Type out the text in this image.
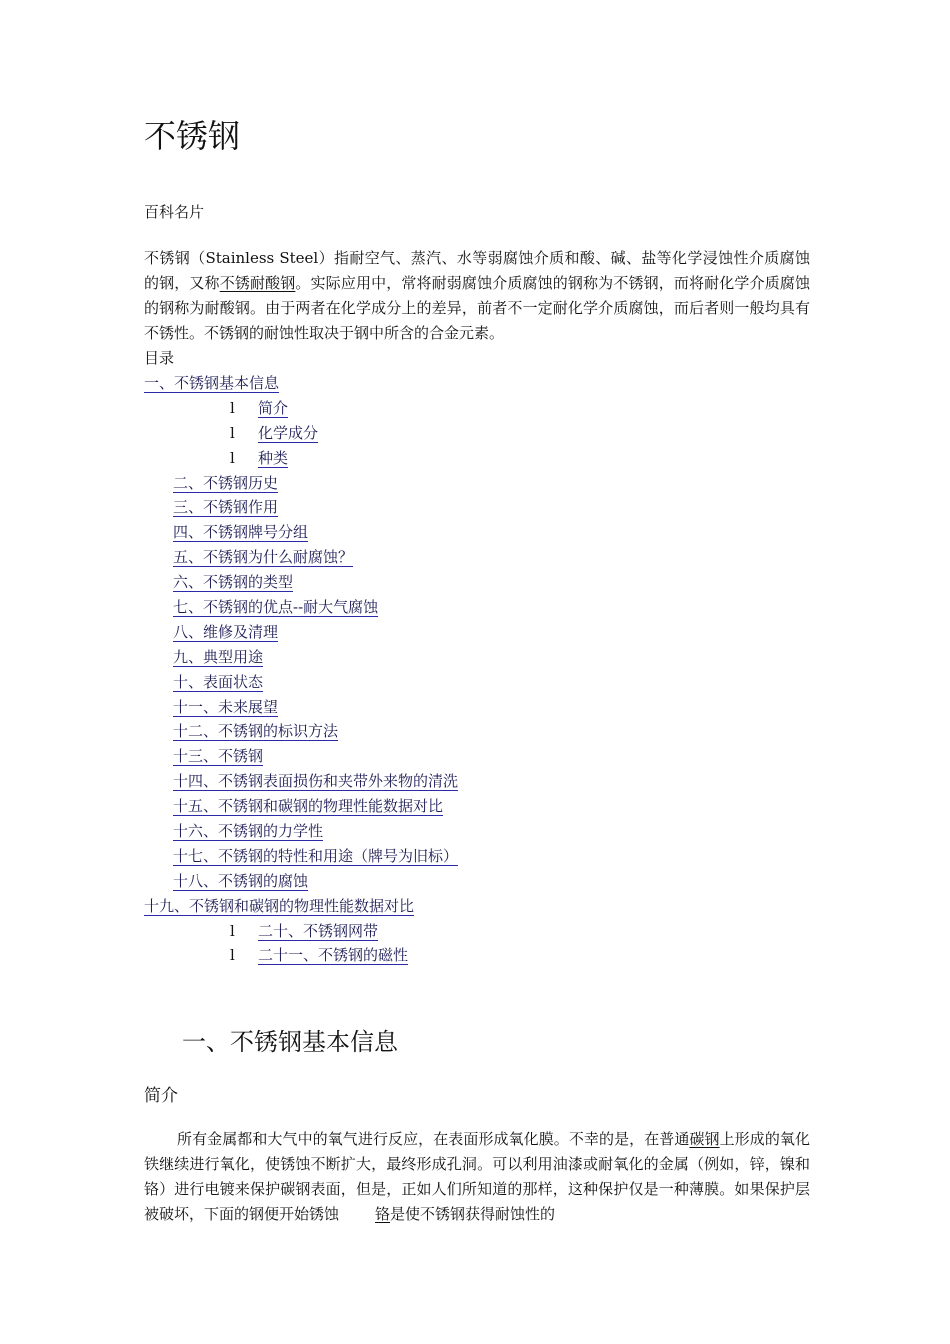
不锈钢
百科名片

不锈钢（Stainless Steel）指耐空气、蒸汽、水等弱腐蚀介质和酸、碱、盐等化学浸蚀性介质腐蚀的钢，又称不锈耐酸钢。实际应用中，常将耐弱腐蚀介质腐蚀的钢称为不锈钢，而将耐化学介质腐蚀的钢称为耐酸钢。由于两者在化学成分上的差异，前者不一定耐化学介质腐蚀，而后者则一般均具有不锈性。不锈钢的耐蚀性取决于钢中所含的合金元素。

目录
一、不锈钢基本信息
l 简介
l 化学成分
l 种类
二、不锈钢历史
三、不锈钢作用
四、不锈钢牌号分组
五、不锈钢为什么耐腐蚀？
六、不锈钢的类型
七、不锈钢的优点--耐大气腐蚀
八、维修及清理
九、典型用途
十、表面状态
十一、未来展望
十二、不锈钢的标识方法
十三、不锈钢
十四、不锈钢表面损伤和夹带外来物的清洗
十五、不锈钢和碳钢的物理性能数据对比
十六、不锈钢的力学性
十七、不锈钢的特性和用途（牌号为旧标）
十八、不锈钢的腐蚀
十九、不锈钢和碳钢的物理性能数据对比
l 二十、不锈钢网带
l 二十一、不锈钢的磁性
一、不锈钢基本信息
简介

所有金属都和大气中的氧气进行反应，在表面形成氧化膜。不幸的是，在普通碳钢上形成的氧化铁继续进行氧化，使锈蚀不断扩大，最终形成孔洞。可以利用油漆或耐氧化的金属（例如，锌，镍和铬）进行电镀来保护碳钢表面，但是，正如人们所知道的那样，这种保护仅是一种薄膜。如果保护层被破坏，下面的钢便开始锈蚀 铬是使不锈钢获得耐蚀性的
